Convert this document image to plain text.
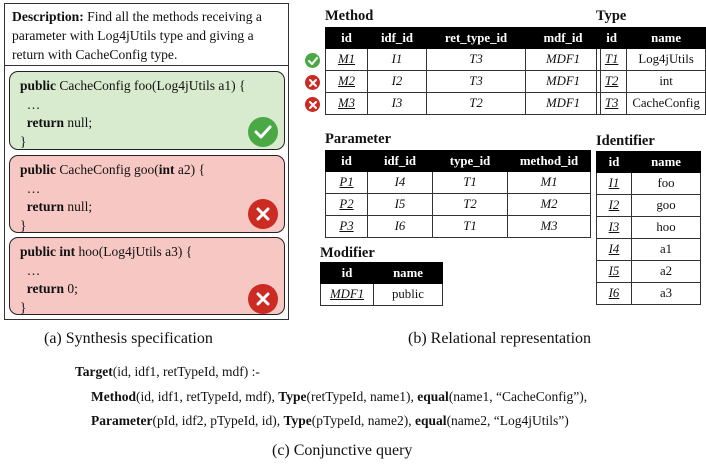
Description: Find all the methods receiving a parameter with Log4jUtils type and giving a return with CacheConfig type.
public CacheConfig foo(Log4jUtils a1) {
…
return null;
}
public CacheConfig goo(int a2) {
…
return null;
}
public int hoo(Log4jUtils a3) {
…
return 0;
}
(a) Synthesis specification
Method
id	idf_id	ret_type_id	mdf_id
M1	I1	T3	MDF1
M2	I2	T3	MDF1
M3	I3	T2	MDF1
Type
id	name
T1	Log4jUtils
T2	int
T3	CacheConfig
Parameter
id	idf_id	type_id	method_id
P1	I4	T1	M1
P2	I5	T2	M2
P3	I6	T1	M3
Identifier
id	name
I1	foo
I2	goo
I3	hoo
I4	a1
I5	a2
I6	a3
Modifier
id	name
MDF1	public
(b) Relational representation
Target(id, idf1, retTypeId, mdf) :-
Method(id, idf1, retTypeId, mdf), Type(retTypeId, name1), equal(name1, “CacheConfig”),
Parameter(pId, idf2, pTypeId, id), Type(pTypeId, name2), equal(name2, “Log4jUtils”)
(c) Conjunctive query
